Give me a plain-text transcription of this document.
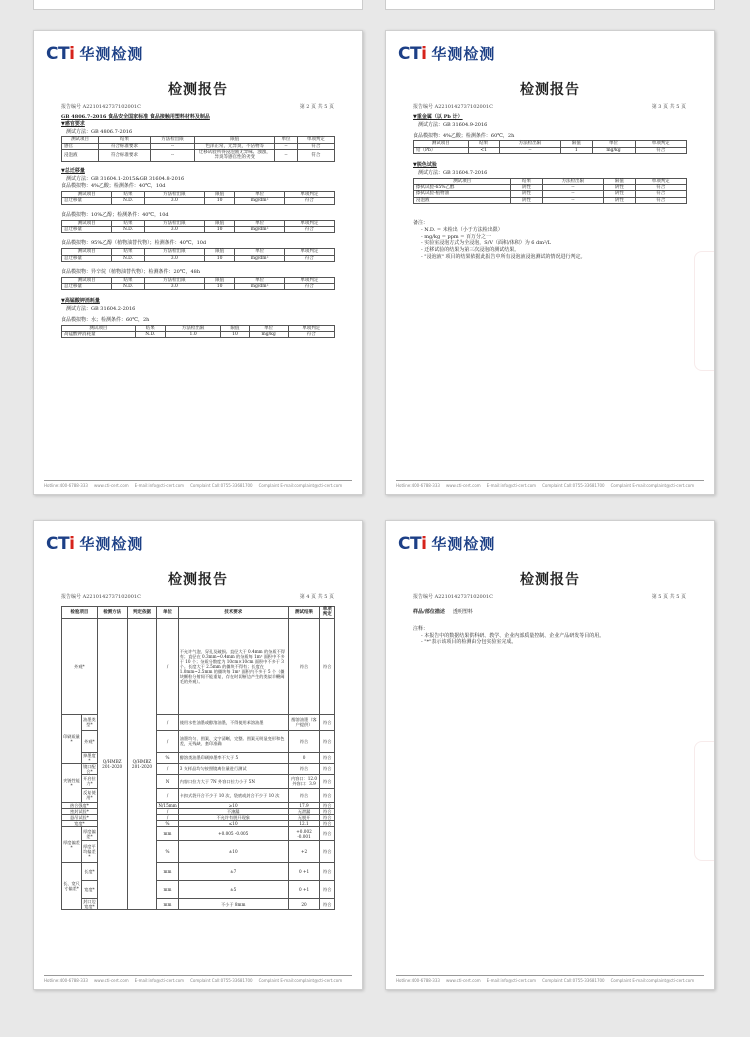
CTi 华测检测
检测报告
报告编号 A2210142737102001C	第 2 页 共 5 页
GB 4806.7-2016 食品安全国家标准 食品接触用塑料材料及制品
▼感官要求
测试方法：GB 4806.7-2016
测试项目	结果	方法检出限	限值	单位	单项判定
感官	符合标准要求	--	色泽正常，无异臭，不洁物等	--	符合
浸泡液	符合标准要求	--	迁移试验所得浸泡液无异味、浊浊，异臭等感官性的劣变	--	符合
▼总迁移量
测试方法：GB 31604.1-2015&GB 31604.8-2016
食品模拟物：4%乙酸；检测条件：40℃，10d
测试项目	结果	方法检出限	限值	单位	单项判定
总迁移量	N.D.	3.0	10	mg/dm²	符合
食品模拟物：10%乙醇；检测条件：40℃，10d
测试项目	结果	方法检出限	限值	单位	单项判定
总迁移量	N.D.	3.0	10	mg/dm²	符合
食品模拟物：95%乙醇（植物油替代物）；检测条件：40℃，10d
测试项目	结果	方法检出限	限值	单位	单项判定
总迁移量	N.D.	3.0	10	mg/dm²	符合
食品模拟物：异辛烷（植物油替代物）；检测条件：20℃，48h
测试项目	结果	方法检出限	限值	单位	单项判定
总迁移量	N.D.	3.0	10	mg/dm²	符合
▼高锰酸钾消耗量
测试方法：GB 31604.2-2016
食品模拟物：水；检测条件：60℃，2h
测试项目	结果	方法检出限	限值	单位	单项判定
高锰酸钾消耗量	N.D.	1.0	10	mg/kg	符合
Hotline:400-6788-333 www.cti-cert.com E-mail:info@cti-cert.com Complaint Call:0755-33681700 Complaint E-mail:complaint@cti-cert.com
CTi 华测检测
检测报告
报告编号 A2210142737102001C	第 3 页 共 5 页
▼重金属（以 Pb 计）
测试方法：GB 31604.9-2016
食品模拟物：4%乙酸；检测条件：60℃，2h
测试项目	结果	方法检出限	限值	单位	单项判定
铅（Pb）	<1	--	1	mg/kg	符合
▼脱色试验
测试方法：GB 31604.7-2016
测试项目	结果	方法检出限	限值	单项判定
擦拭试验-65%乙醇	阴性	--	阴性	符合
擦拭试验-植物油	阴性	--	阴性	符合
浸泡液	阴性	--	阴性	符合
备注：
- N.D. = 未检出（小于方法检出限）
- mg/kg = ppm = 百万分之一
- 实验室浸泡方式为全浸泡，S/V（面积/体积）为 6 dm²/L
- 迁移试验的结果为第三次浸泡的测试结果。
- "浸泡液" 项目的结果依据此报告中所有浸泡液浸泡测试的情况进行判定。
Hotline:400-6788-333 www.cti-cert.com E-mail:info@cti-cert.com Complaint Call:0755-33681700 Complaint E-mail:complaint@cti-cert.com
CTi 华测检测
检测报告
报告编号 A2210142737102001C	第 4 页 共 5 页
检验项目		检测方法	判定依据	单位	技术要求	测试结果	单项判定
外观*		Q/HMBZ 201-2020	Q/HMBZ 201-2020	/	不允许气泡、穿孔及破损。直径大于 0.4mm 的杂质不得有；直径在 0.3mm~0.4mm 的杂质每 1m² 面积中不多于 10 个；杂质分散度为 10cm×10cm 面积中不多于 3 个。长度大于 2.5mm 的僵块不得有；长度在 1.0mm~2.5mm 的僵块每 1m² 面积内不多于 5 个（僵块颗粒分射间不能重复，存在时切断边产生的类似羊鞭阔毛的外观）。	符合	符合
印刷质量*	油墨类型*			/	使用水性油墨或醇溶油墨，不得使用苯溶油墨	醇溶油墨（客户提供）	符合
	外观*			/	油墨均匀、图案、文字清晰，完整。图案无明显变形和色差，无残缺、套印准确	符合	符合
	掉墨度*			%	醇溶类油墨印刷掉墨率不大于 5	0	符合
夹链性能*	镜口配合*			/	3 支样品均匀按照镜离位量进行测试	符合	符合
	开启拉力*			N	内容口拉力大于 7N 外容口拉力小于 5N	内容口：12.0 外容口：3.9	符合
	反复使用*			/	卡扣式袋开合不少于 10 次，袋底或封合不少于 10 次	符合	符合
热合强度*				N/15mm	≥10	17.9	符合
密封试验*				/	不渗漏	无泄漏	符合
悬吊试验*				/	不允许有脱开现象	无脱开	符合
宽度*				%	≤10	12.1	符合
厚度偏差*	厚度偏差*			mm	+0.005 -0.005	+0.002 -0.001	符合
	厚度平均偏差*			%	±10	+2	符合
长、宽尺寸偏差*	长度*			mm	±7	0 +1	符合
	宽度*			mm	±5	0 +1	符合
	封口边宽度*			mm	不小于 8mm	20	符合
Hotline:400-6788-333 www.cti-cert.com E-mail:info@cti-cert.com Complaint Call:0755-33681700 Complaint E-mail:complaint@cti-cert.com
CTi 华测检测
检测报告
报告编号 A2210142737102001C	第 5 页 共 5 页
样品/部位描述 透明塑料
注释：
- 本报告中的数据结果供科研、教学、企业内部质量控制、企业产品研发等目的用。
- "*"表示该项目的检测由分包实验室完成。
Hotline:400-6788-333 www.cti-cert.com E-mail:info@cti-cert.com Complaint Call:0755-33681700 Complaint E-mail:complaint@cti-cert.com
